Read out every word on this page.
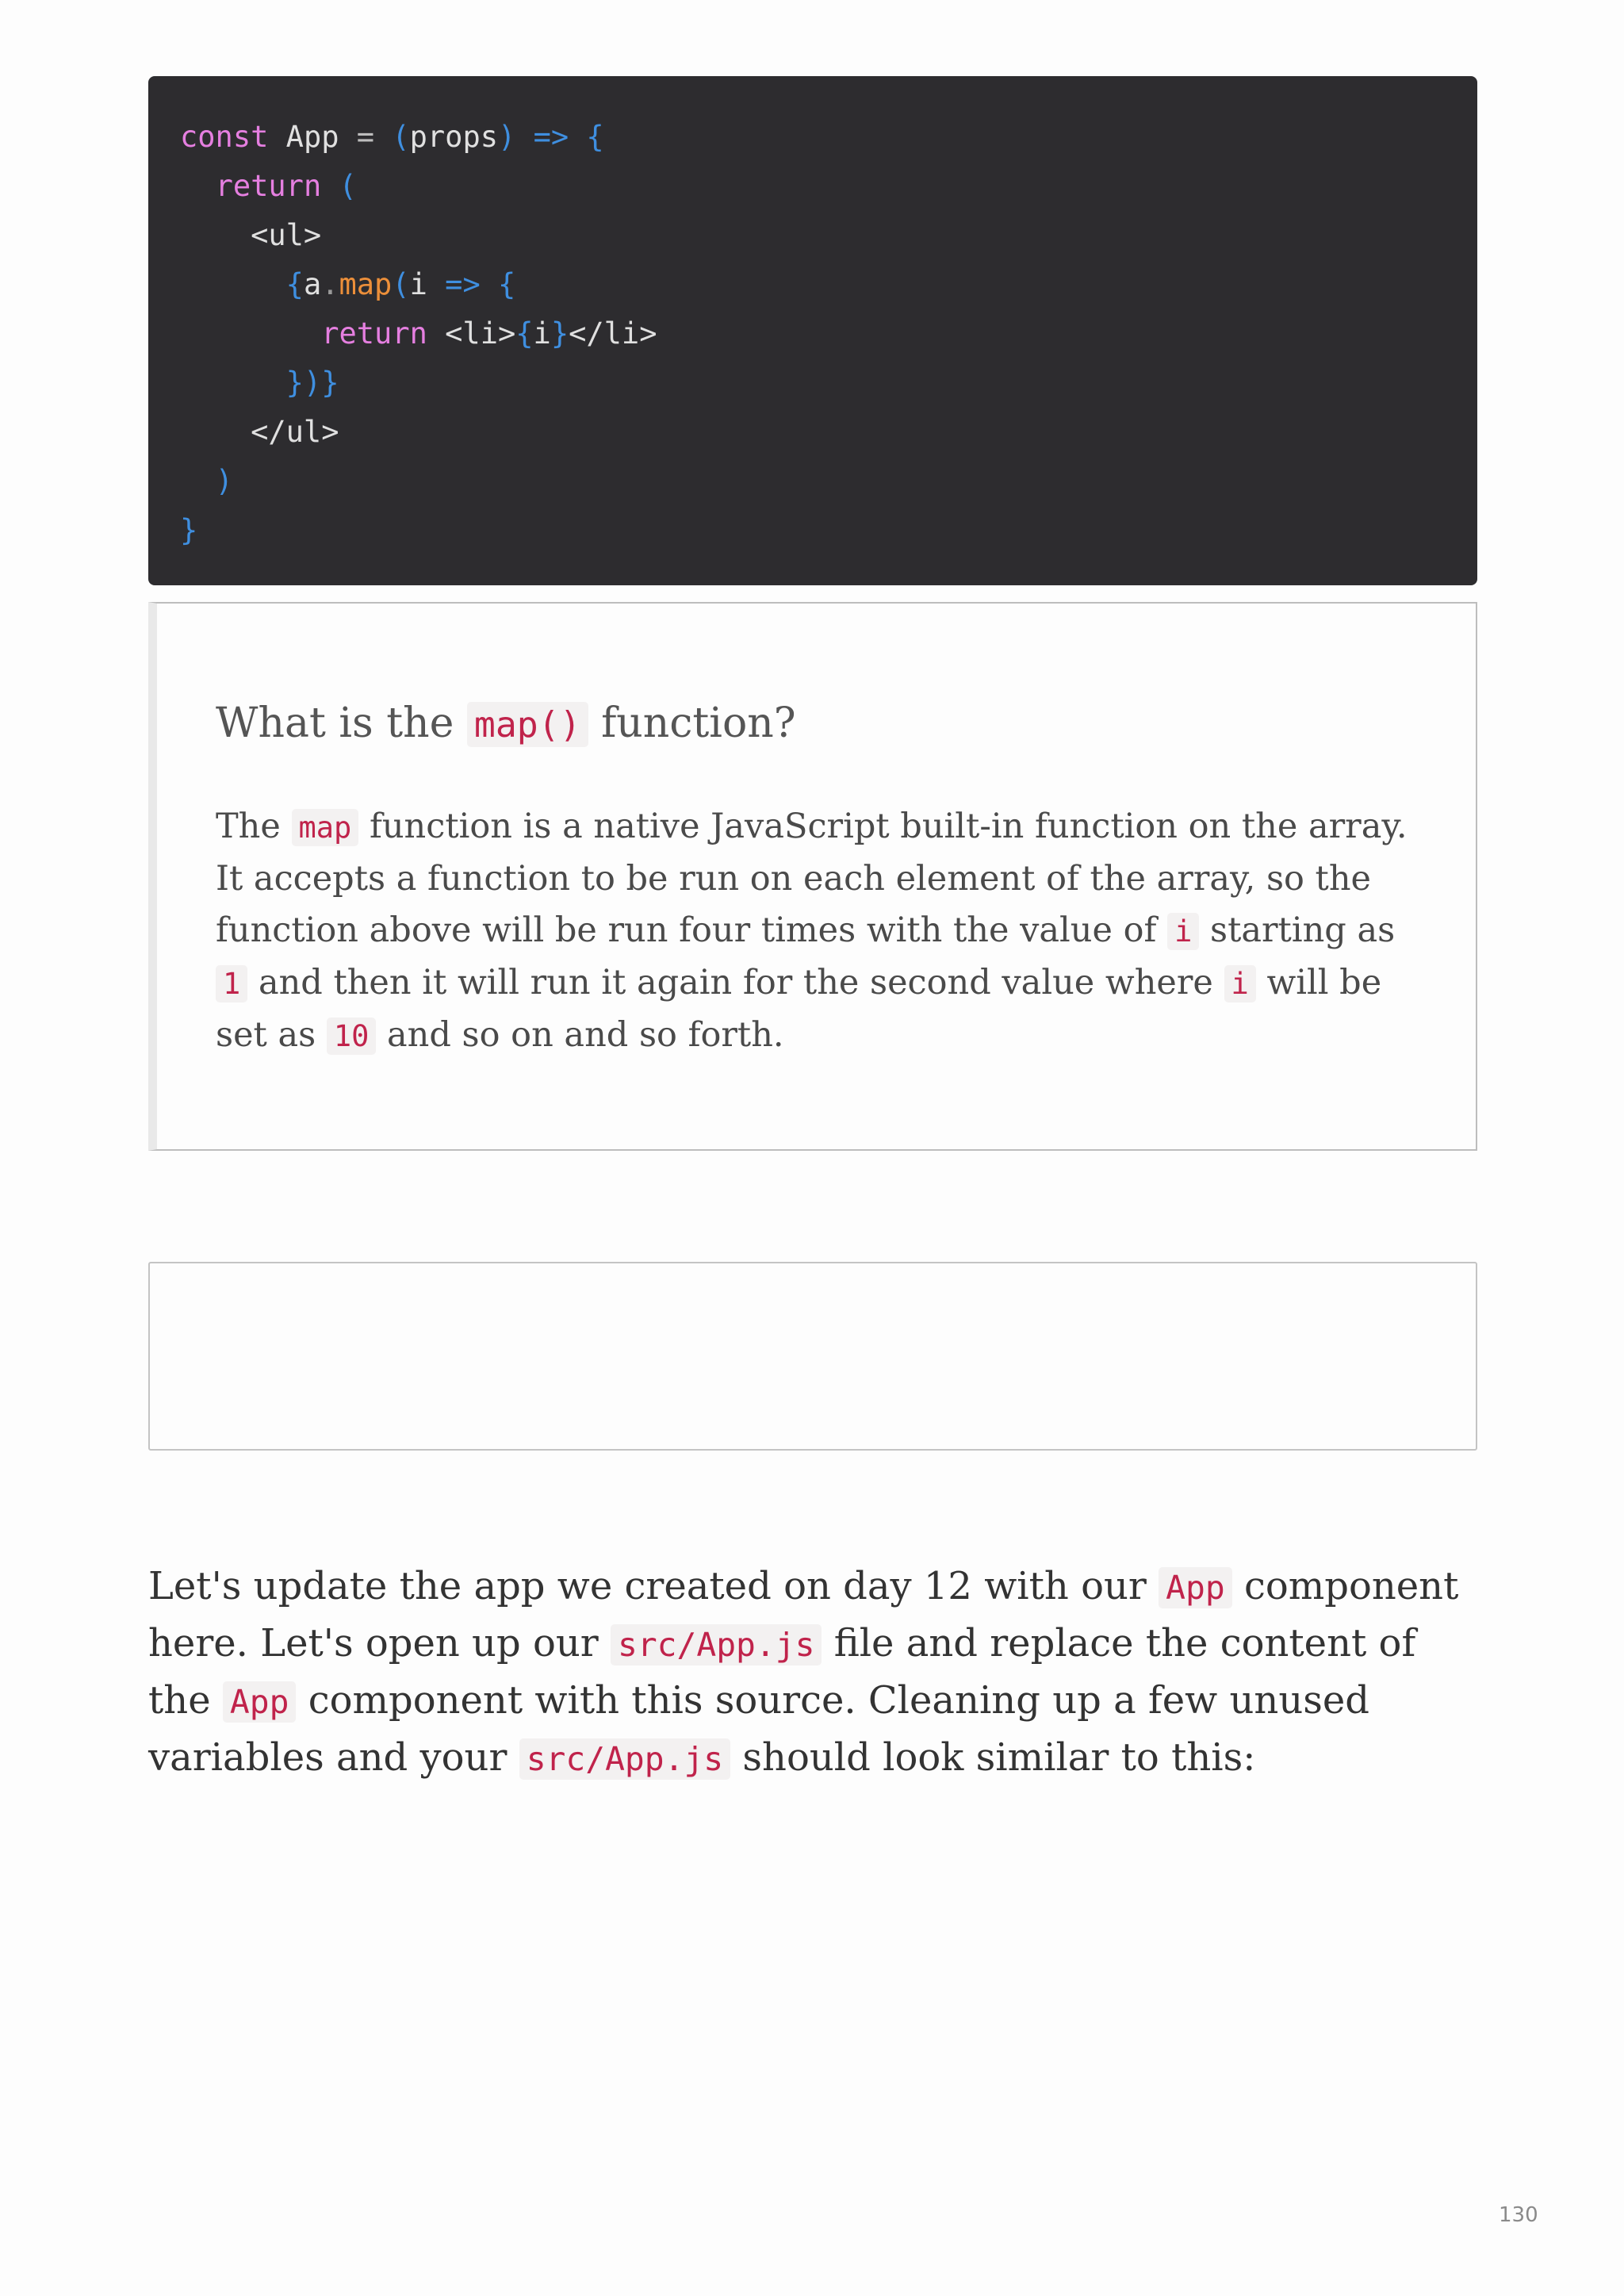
const App = (props) => {
return (
<ul>
{a.map(i => {
return <li>{i}</li>
})}
</ul>
)
}
What is the map() function?

The map function is a native JavaScript built-in function on the array. It accepts a function to be run on each element of the array, so the function above will be run four times with the value of i starting as 1 and then it will run it again for the second value where i will be set as 10 and so on and so forth.

Let's update the app we created on day 12 with our App component here. Let's open up our src/App.js file and replace the content of the App component with this source. Cleaning up a few unused variables and your src/App.js should look similar to this:

130
